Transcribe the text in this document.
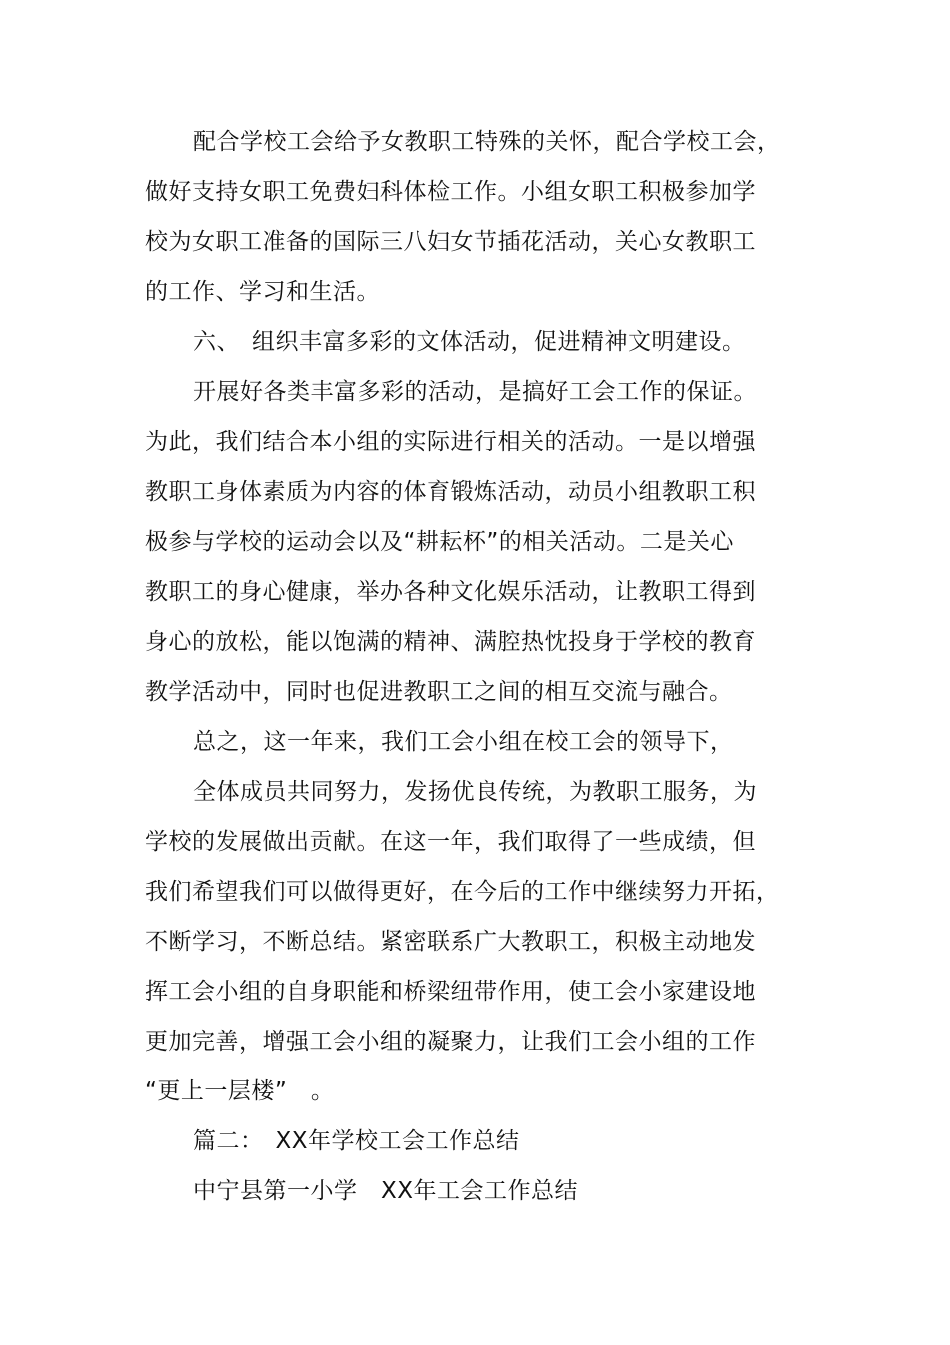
配合学校工会给予女教职工特殊的关怀，配合学校工会，
做好支持女职工免费妇科体检工作。小组女职工积极参加学
校为女职工准备的国际三八妇女节插花活动，关心女教职工
的工作、学习和生活。
六、　组织丰富多彩的文体活动，促进精神文明建设。
开展好各类丰富多彩的活动，是搞好工会工作的保证。
为此，我们结合本小组的实际进行相关的活动。一是以增强
教职工身体素质为内容的体育锻炼活动，动员小组教职工积
极参与学校的运动会以及“耕耘杯”的相关活动。二是关心
教职工的身心健康，举办各种文化娱乐活动，让教职工得到
身心的放松，能以饱满的精神、满腔热忱投身于学校的教育
教学活动中，同时也促进教职工之间的相互交流与融合。
总之，这一年来，我们工会小组在校工会的领导下，
全体成员共同努力，发扬优良传统，为教职工服务，为
学校的发展做出贡献。在这一年，我们取得了一些成绩，但
我们希望我们可以做得更好，在今后的工作中继续努力开拓，
不断学习，不断总结。紧密联系广大教职工，积极主动地发
挥工会小组的自身职能和桥梁纽带作用，使工会小家建设地
更加完善，增强工会小组的凝聚力，让我们工会小组的工作
“更上一层楼”　。
篇二：　XX年学校工会工作总结
中宁县第一小学　XX年工会工作总结
